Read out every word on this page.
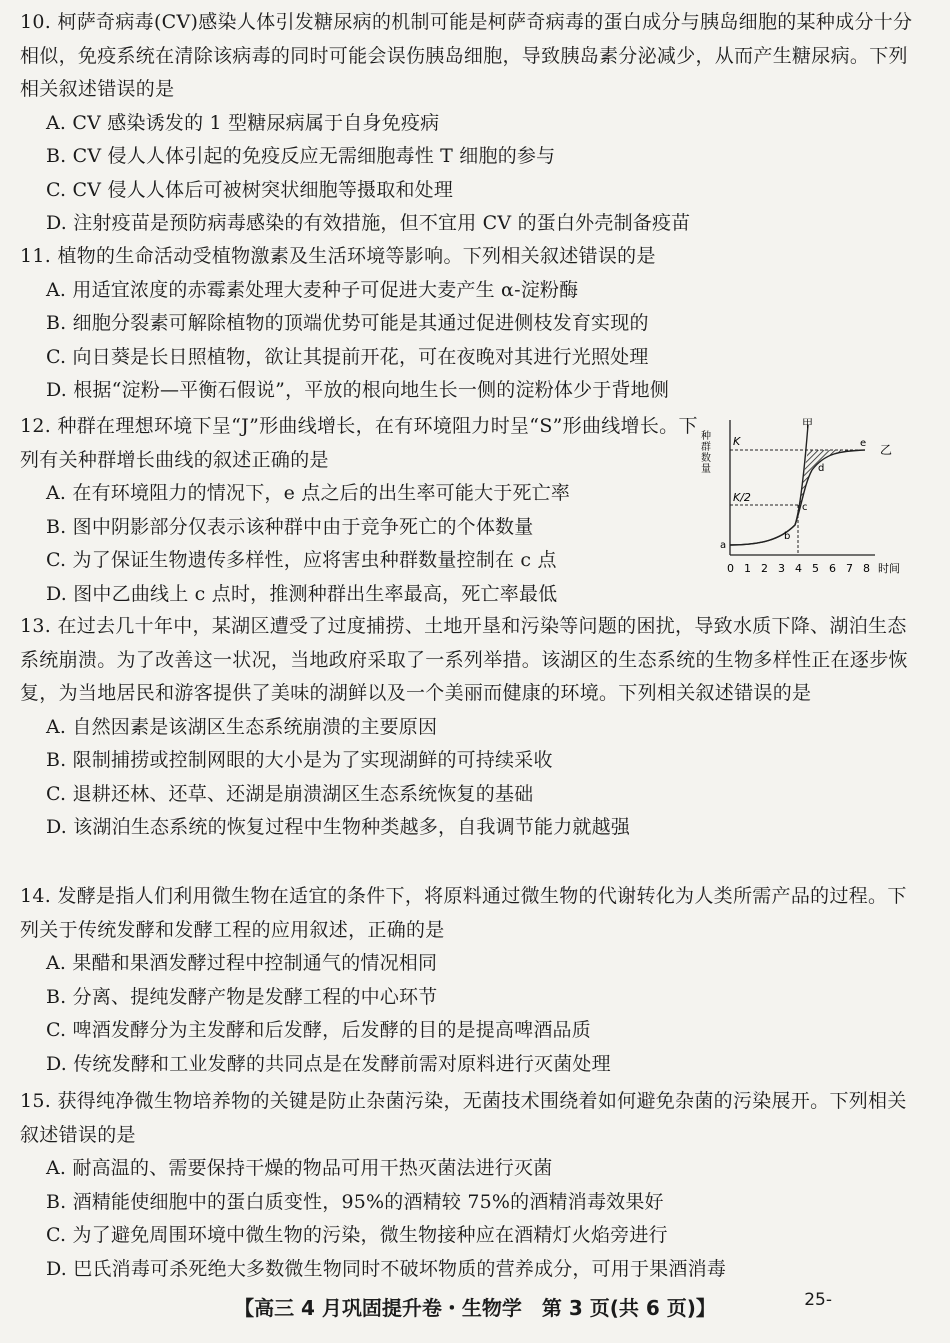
10. 柯萨奇病毒(CV)感染人体引发糖尿病的机制可能是柯萨奇病毒的蛋白成分与胰岛细胞的某种成分十分相似，免疫系统在清除该病毒的同时可能会误伤胰岛细胞，导致胰岛素分泌减少，从而产生糖尿病。下列相关叙述错误的是

A. CV 感染诱发的 1 型糖尿病属于自身免疫病

B. CV 侵人人体引起的免疫反应无需细胞毒性 T 细胞的参与

C. CV 侵人人体后可被树突状细胞等摄取和处理

D. 注射疫苗是预防病毒感染的有效措施，但不宜用 CV 的蛋白外壳制备疫苗

11. 植物的生命活动受植物激素及生活环境等影响。下列相关叙述错误的是

A. 用适宜浓度的赤霉素处理大麦种子可促进大麦产生 α-淀粉酶

B. 细胞分裂素可解除植物的顶端优势可能是其通过促进侧枝发育实现的

C. 向日葵是长日照植物，欲让其提前开花，可在夜晚对其进行光照处理

D. 根据“淀粉—平衡石假说”，平放的根向地生长一侧的淀粉体少于背地侧

12. 种群在理想环境下呈“J”形曲线增长，在有环境阻力时呈“S”形曲线增长。下列有关种群增长曲线的叙述正确的是

A. 在有环境阻力的情况下，e 点之后的出生率可能大于死亡率

B. 图中阴影部分仅表示该种群中由于竞争死亡的个体数量

C. 为了保证生物遗传多样性，应将害虫种群数量控制在 c 点

D. 图中乙曲线上 c 点时，推测种群出生率最高，死亡率最低

种群数量 K
K/2
甲
乙
a
b
c
d
e
0 1 2 3 4 5 6 7 8 时间

13. 在过去几十年中，某湖区遭受了过度捕捞、土地开垦和污染等问题的困扰，导致水质下降、湖泊生态系统崩溃。为了改善这一状况，当地政府采取了一系列举措。该湖区的生态系统的生物多样性正在逐步恢复，为当地居民和游客提供了美味的湖鲜以及一个美丽而健康的环境。下列相关叙述错误的是

A. 自然因素是该湖区生态系统崩溃的主要原因

B. 限制捕捞或控制网眼的大小是为了实现湖鲜的可持续采收

C. 退耕还林、还草、还湖是崩溃湖区生态系统恢复的基础

D. 该湖泊生态系统的恢复过程中生物种类越多，自我调节能力就越强

14. 发酵是指人们利用微生物在适宜的条件下，将原料通过微生物的代谢转化为人类所需产品的过程。下列关于传统发酵和发酵工程的应用叙述，正确的是

A. 果醋和果酒发酵过程中控制通气的情况相同

B. 分离、提纯发酵产物是发酵工程的中心环节

C. 啤酒发酵分为主发酵和后发酵，后发酵的目的是提高啤酒品质

D. 传统发酵和工业发酵的共同点是在发酵前需对原料进行灭菌处理

15. 获得纯净微生物培养物的关键是防止杂菌污染，无菌技术围绕着如何避免杂菌的污染展开。下列相关叙述错误的是

A. 耐高温的、需要保持干燥的物品可用干热灭菌法进行灭菌

B. 酒精能使细胞中的蛋白质变性，95%的酒精较 75%的酒精消毒效果好

C. 为了避免周围环境中微生物的污染，微生物接种应在酒精灯火焰旁进行

D. 巴氏消毒可杀死绝大多数微生物同时不破坏物质的营养成分，可用于果酒消毒

【高三 4 月巩固提升卷・生物学　第 3 页(共 6 页)】	25-
